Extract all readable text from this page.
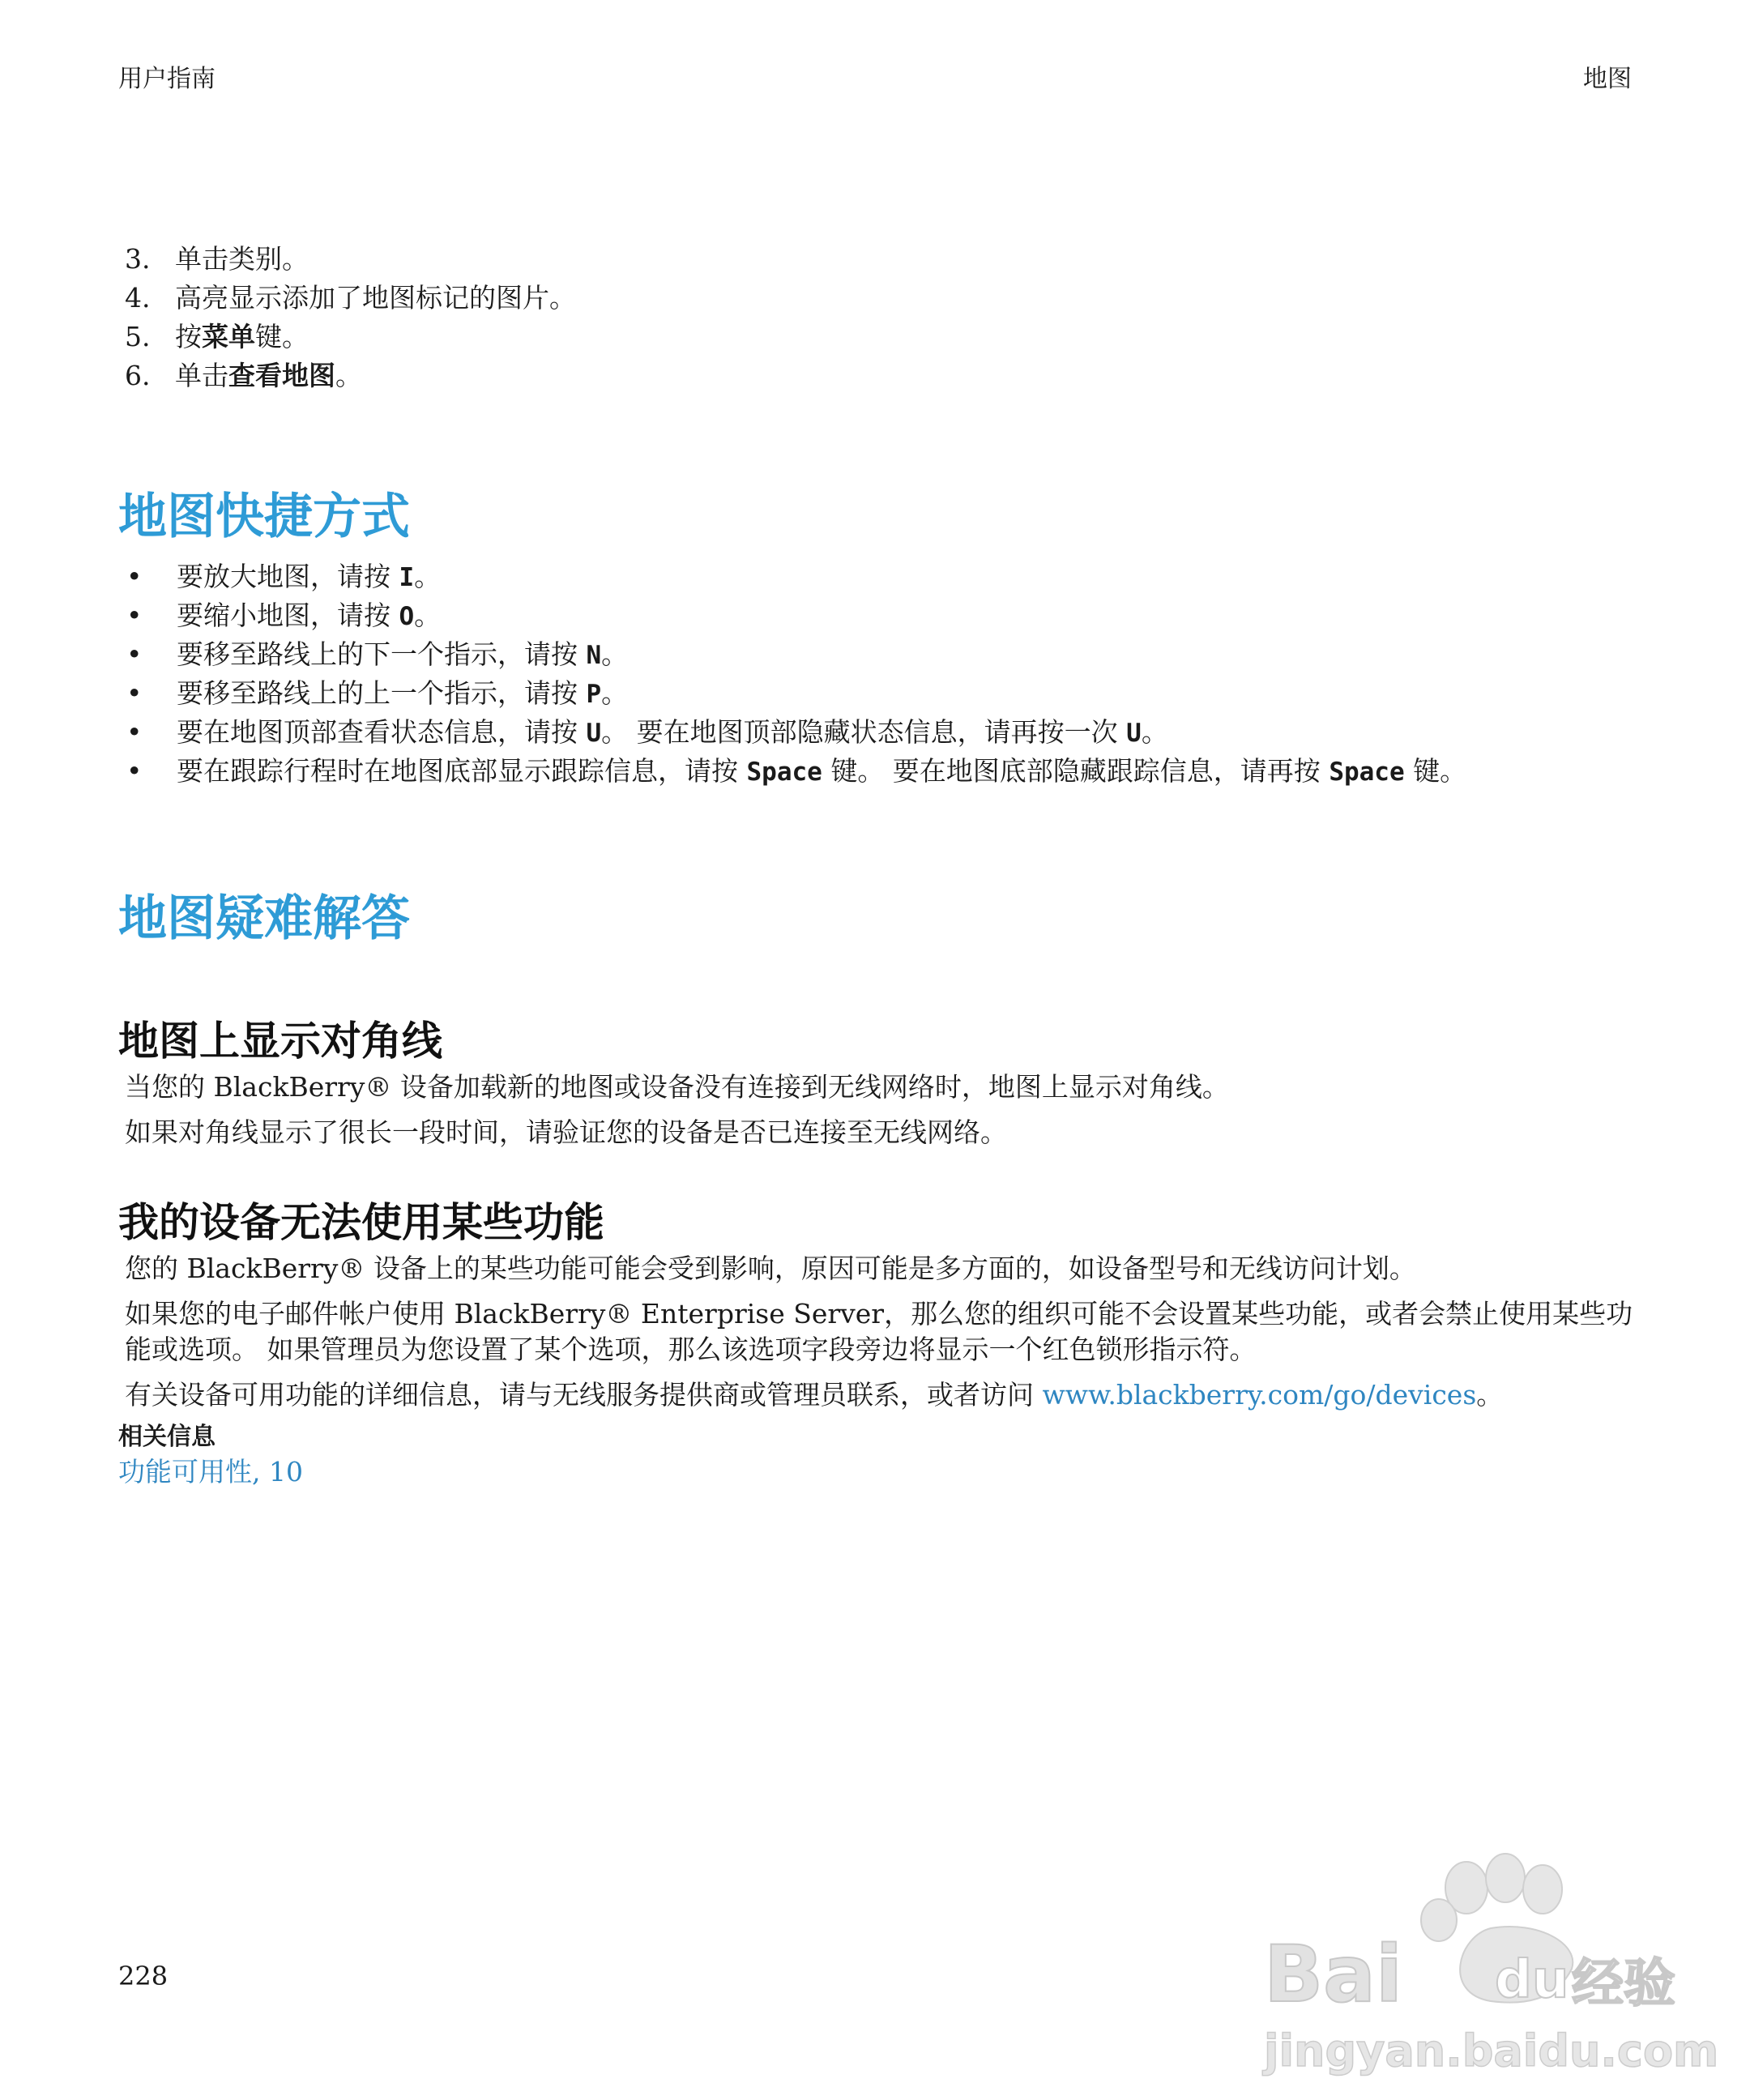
用户指南	地图
3. 单击类别。
4. 高亮显示添加了地图标记的图片。
5. 按菜单键。
6. 单击查看地图。
地图快捷方式
•	要放大地图，请按 I。
•	要缩小地图，请按 O。
•	要移至路线上的下一个指示，请按 N。
•	要移至路线上的上一个指示，请按 P。
•	要在地图顶部查看状态信息，请按 U。 要在地图顶部隐藏状态信息，请再按一次 U。
•	要在跟踪行程时在地图底部显示跟踪信息，请按 Space 键。 要在地图底部隐藏跟踪信息，请再按 Space 键。
地图疑难解答
地图上显示对角线

当您的 BlackBerry® 设备加载新的地图或设备没有连接到无线网络时，地图上显示对角线。

如果对角线显示了很长一段时间，请验证您的设备是否已连接至无线网络。

我的设备无法使用某些功能

您的 BlackBerry® 设备上的某些功能可能会受到影响，原因可能是多方面的，如设备型号和无线访问计划。

如果您的电子邮件帐户使用 BlackBerry® Enterprise Server，那么您的组织可能不会设置某些功能，或者会禁止使用某些功能或选项。 如果管理员为您设置了某个选项，那么该选项字段旁边将显示一个红色锁形指示符。

有关设备可用功能的详细信息，请与无线服务提供商或管理员联系，或者访问 www.blackberry.com/go/devices。

相关信息
功能可用性, 10
228	Bai du 经验
jingyan.baidu.com
